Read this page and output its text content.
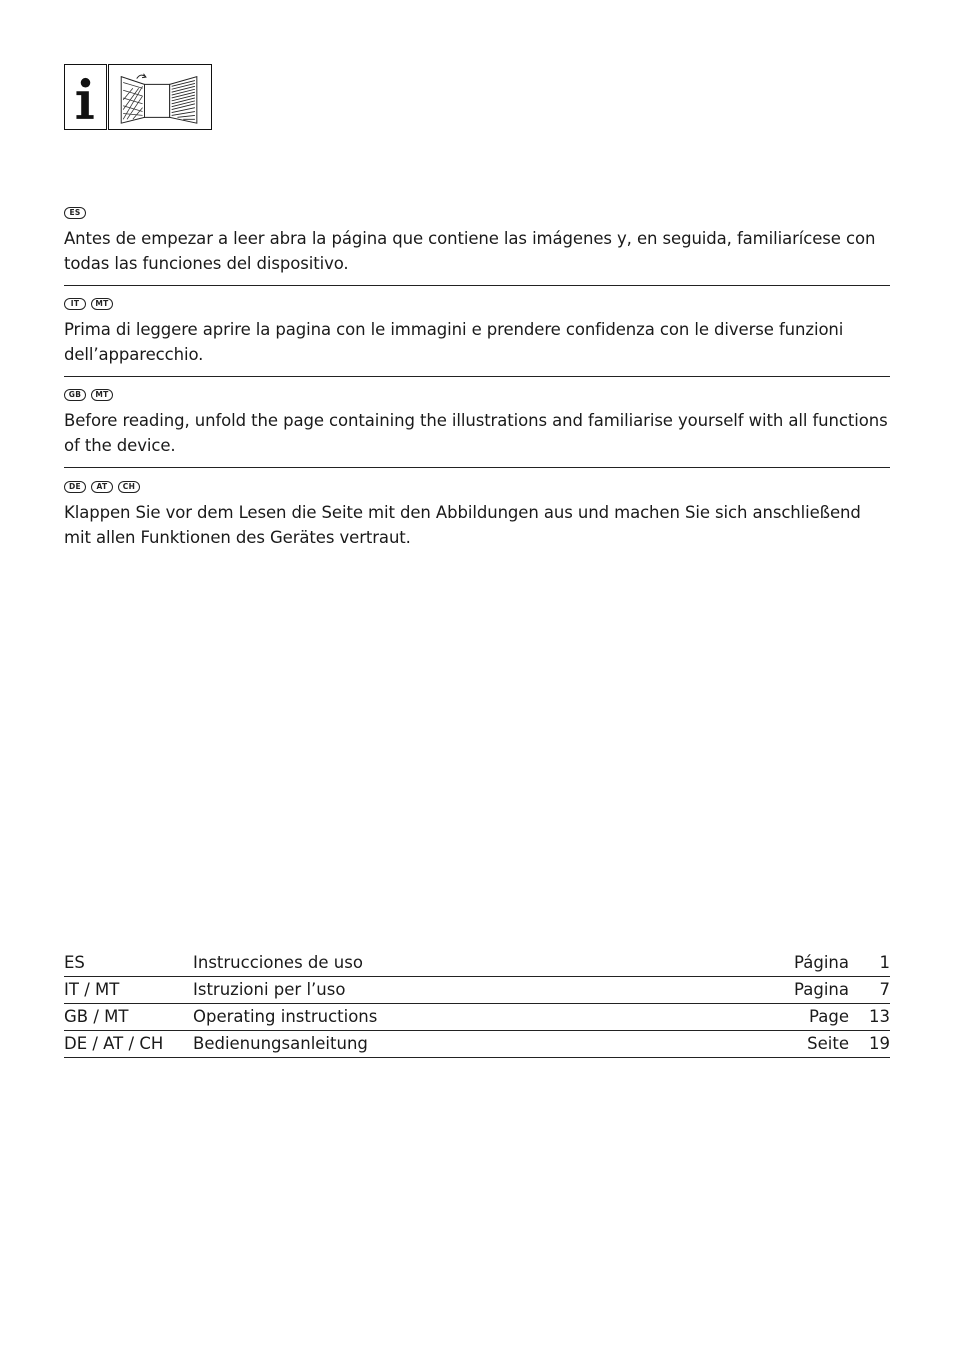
ES

Antes de empezar a leer abra la página que contiene las imágenes y, en seguida, familiarícese con todas las funciones del dispositivo.

IT	MT

Prima di leggere aprire la pagina con le immagini e prendere confidenza con le diverse funzioni dell’apparecchio.

GB	MT

Before reading, unfold the page containing the illustrations and familiarise yourself with all functions of the device.

DE	AT	CH

Klappen Sie vor dem Lesen die Seite mit den Abbildungen aus und machen Sie sich anschließend mit allen Funktionen des Gerätes vertraut.

ES	Instrucciones de uso	Página 1
IT / MT	Istruzioni per l’uso	Pagina 7
GB / MT	Operating instructions	Page 13
DE / AT / CH Bedienungsanleitung	Seite 19
